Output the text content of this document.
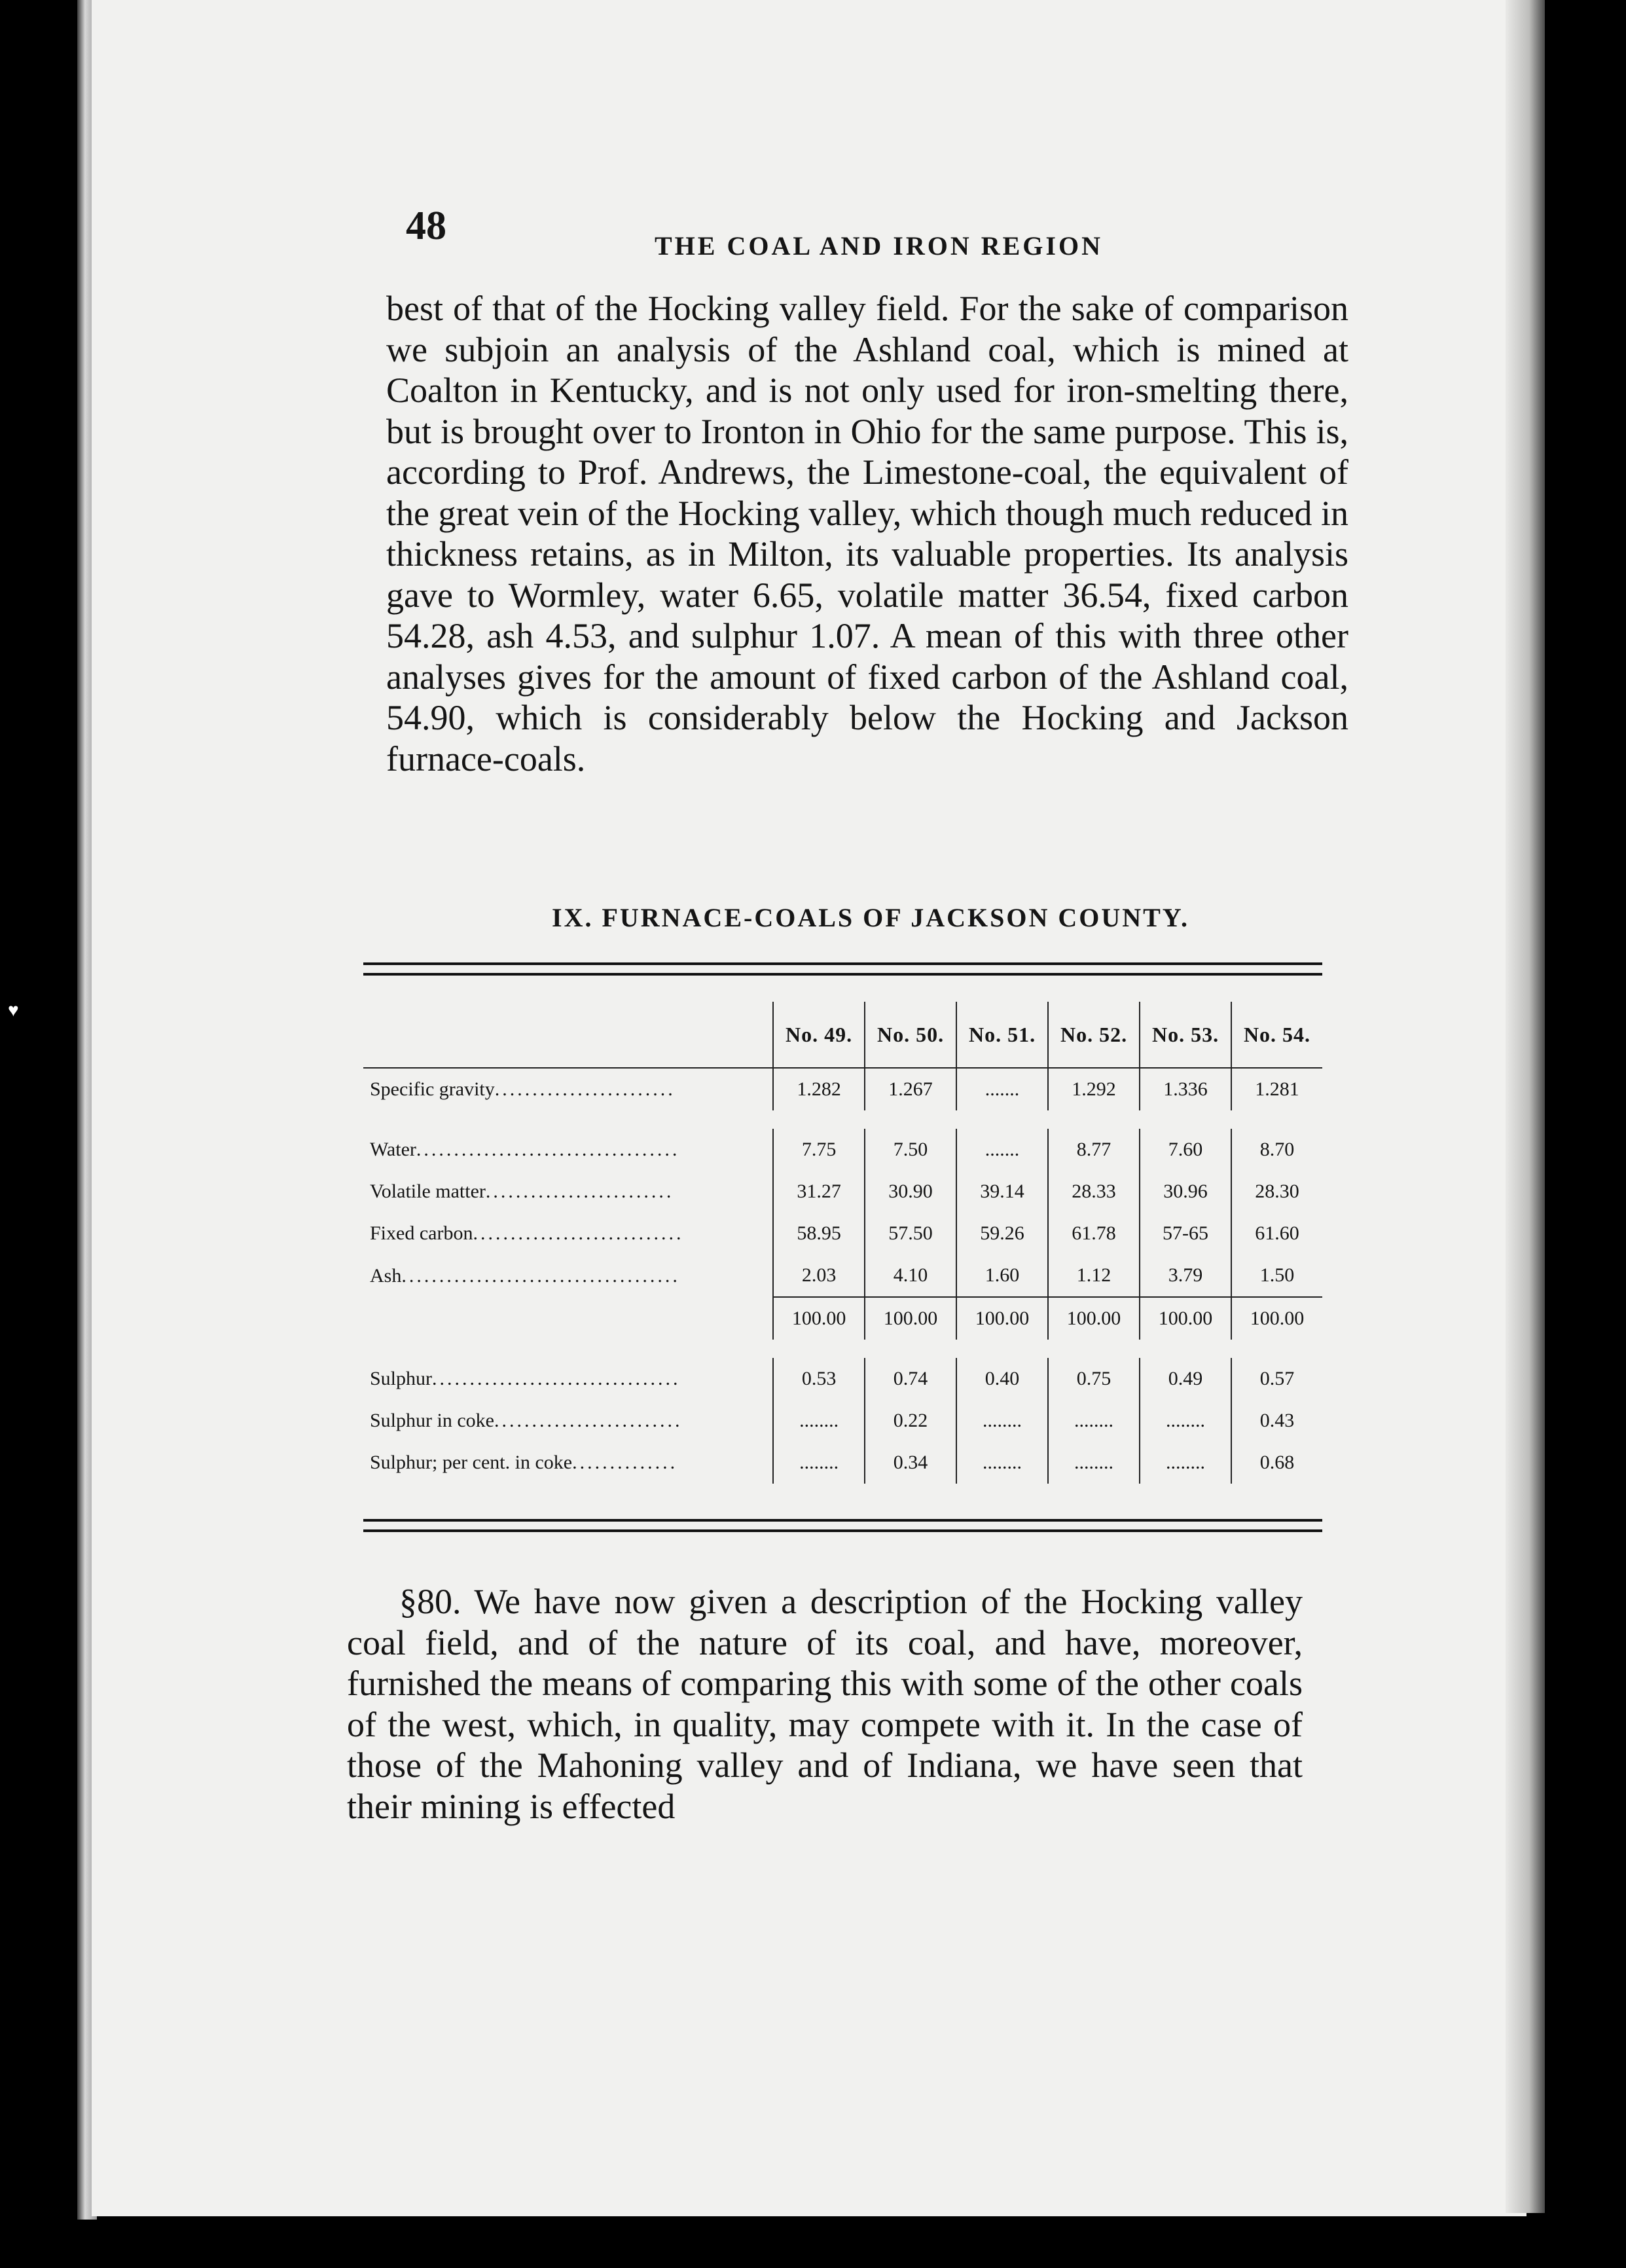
♥
48	THE COAL AND IRON REGION

best of that of the Hocking valley field. For the sake of comparison we subjoin an analysis of the Ashland coal, which is mined at Coalton in Kentucky, and is not only used for iron-smelting there, but is brought over to Ironton in Ohio for the same purpose. This is, according to Prof. Andrews, the Limestone-coal, the equivalent of the great vein of the Hocking valley, which though much reduced in thickness retains, as in Milton, its valuable properties. Its analysis gave to Wormley, water 6.65, volatile matter 36.54, fixed carbon 54.28, ash 4.53, and sulphur 1.07. A mean of this with three other analyses gives for the amount of fixed carbon of the Ashland coal, 54.90, which is considerably below the Hocking and Jackson furnace-coals.

IX. FURNACE-COALS OF JACKSON COUNTY.
	No. 49.	No. 50.	No. 51.	No. 52.	No. 53.	No. 54.
Specific gravity........................	1.282	1.267	.......	1.292	1.336	1.281

Water...................................	7.75	7.50	.......	8.77	7.60	8.70
Volatile matter.........................	31.27	30.90	39.14	28.33	30.96	28.30
Fixed carbon............................	58.95	57.50	59.26	61.78	57-65	61.60
Ash.....................................	2.03	4.10	1.60	1.12	3.79	1.50
	100.00	100.00	100.00	100.00	100.00	100.00

Sulphur.................................	0.53	0.74	0.40	0.75	0.49	0.57
Sulphur in coke.........................	........	0.22	........	........	........	0.43
Sulphur; per cent. in coke..............	........	0.34	........	........	........	0.68

§80. We have now given a description of the Hocking valley coal field, and of the nature of its coal, and have, moreover, furnished the means of comparing this with some of the other coals of the west, which, in quality, may compete with it. In the case of those of the Mahoning valley and of Indiana, we have seen that their mining is effected
